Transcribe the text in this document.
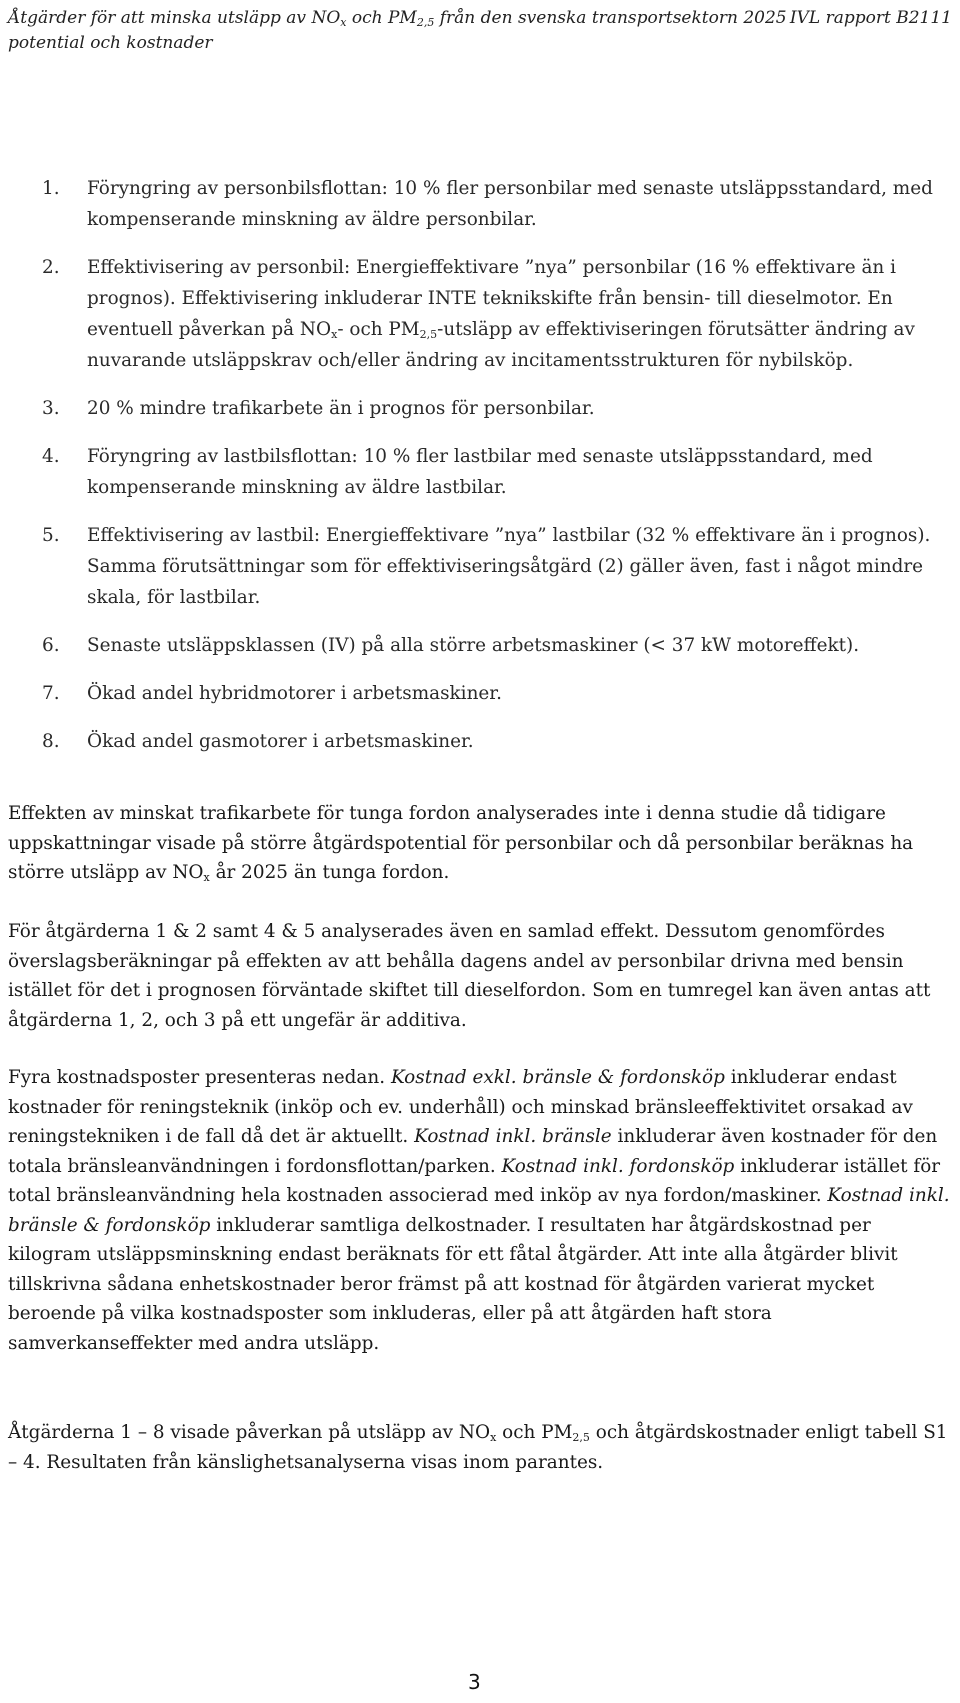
Åtgärder för att minska utsläpp av $NO_x$ och $PM_{2,5}$ från den svenska transportsektorn 2025
potential och kostnader
IVL rapport B2111
1. Föryngring av personbilsflottan: 10 % fler personbilar med senaste utsläppsstandard, med kompenserande minskning av äldre personbilar.
2. Effektivisering av personbil: Energieffektivare ”nya” personbilar (16 % effektivare än i prognos). Effektivisering inkluderar INTE teknikskifte från bensin- till dieselmotor. En eventuell påverkan på $NO_x-$ och $PM_{2,5}$-utsläpp av effektiviseringen förutsätter ändring av nuvarande utsläppskrav och/eller ändring av incitamentsstrukturen för nybilsköp.
3. 20 % mindre trafikarbete än i prognos för personbilar.
4. Föryngring av lastbilsflottan: 10 % fler lastbilar med senaste utsläppsstandard, med kompenserande minskning av äldre lastbilar.
5. Effektivisering av lastbil: Energieffektivare ”nya” lastbilar (32 % effektivare än i prognos). Samma förutsättningar som för effektiviseringsåtgärd (2) gäller även, fast i något mindre skala, för lastbilar.
6. Senaste utsläppsklassen (IV) på alla större arbetsmaskiner (< 37 kW motoreffekt).
7. Ökad andel hybridmotorer i arbetsmaskiner.
8. Ökad andel gasmotorer i arbetsmaskiner.

Effekten av minskat trafikarbete för tunga fordon analyserades inte i denna studie då tidigare uppskattningar visade på större åtgärdspotential för personbilar och då personbilar beräknas ha större utsläpp av $NO_x$ år 2025 än tunga fordon.

För åtgärderna 1 & 2 samt 4 & 5 analyserades även en samlad effekt. Dessutom genomfördes överslagsberäkningar på effekten av att behålla dagens andel av personbilar drivna med bensin istället för det i prognosen förväntade skiftet till dieselfordon. Som en tumregel kan även antas att åtgärderna 1, 2, och 3 på ett ungefär är additiva.

Fyra kostnadsposter presenteras nedan. Kostnad exkl. bränsle & fordonsköp inkluderar endast kostnader för reningsteknik (inköp och ev. underhåll) och minskad bränsleeffektivitet orsakad av reningstekniken i de fall då det är aktuellt. Kostnad inkl. bränsle inkluderar även kostnader för den totala bränsleanvändningen i fordonsflottan/parken. Kostnad inkl. fordonsköp inkluderar istället för total bränsleanvändning hela kostnaden associerad med inköp av nya fordon/maskiner. Kostnad inkl. bränsle & fordonsköp inkluderar samtliga delkostnader. I resultaten har åtgärdskostnad per kilogram utsläppsminskning endast beräknats för ett fåtal åtgärder. Att inte alla åtgärder blivit tillskrivna sådana enhetskostnader beror främst på att kostnad för åtgärden varierat mycket beroende på vilka kostnadsposter som inkluderas, eller på att åtgärden haft stora samverkanseffekter med andra utsläpp.

Åtgärderna 1 – 8 visade påverkan på utsläpp av $NO_x$ och $PM_{2,5}$ och åtgärdskostnader enligt tabell S1 – 4. Resultaten från känslighetsanalyserna visas inom parantes.

3
